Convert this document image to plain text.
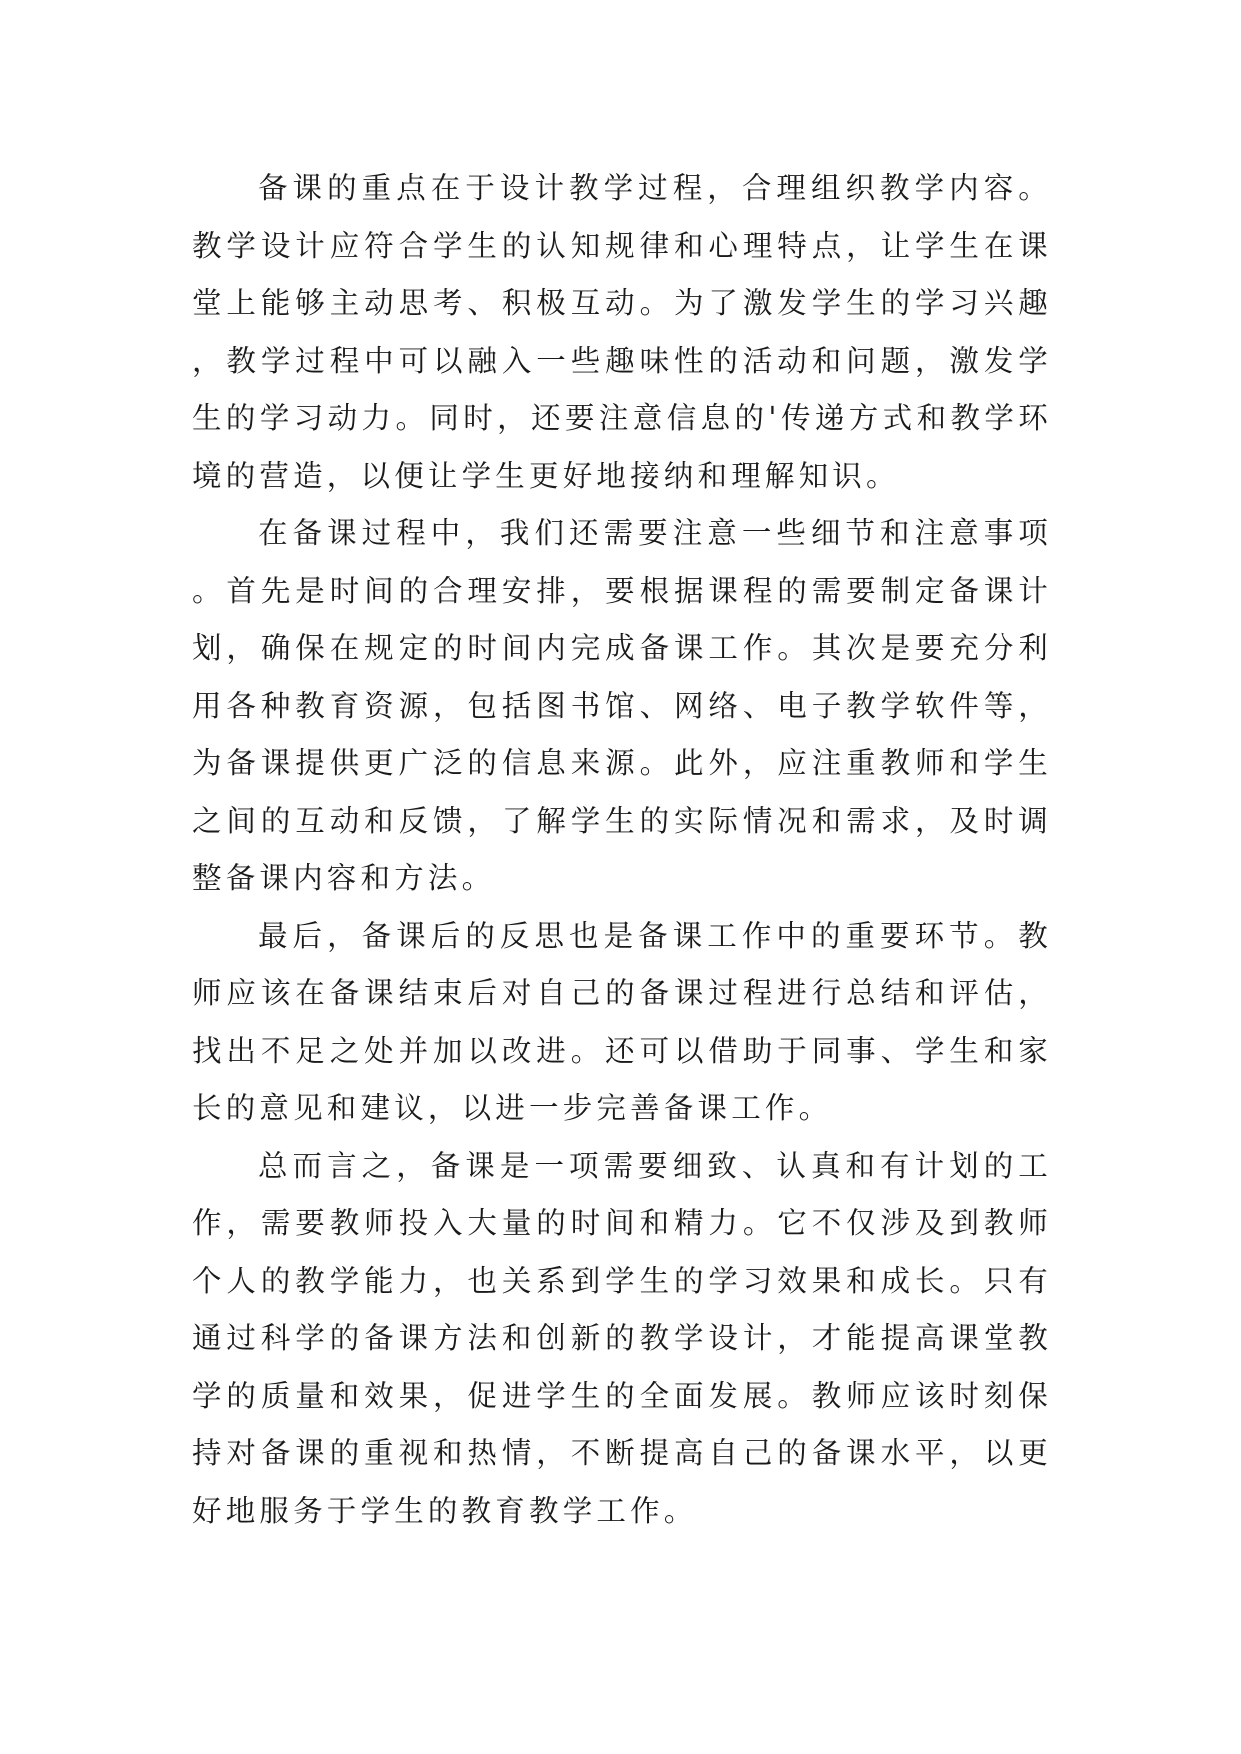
备课的重点在于设计教学过程，合理组织教学内容。教学设计应符合学生的认知规律和心理特点，让学生在课堂上能够主动思考、积极互动。为了激发学生的学习兴趣，教学过程中可以融入一些趣味性的活动和问题，激发学生的学习动力。同时，还要注意信息的'传递方式和教学环境的营造，以便让学生更好地接纳和理解知识。

在备课过程中，我们还需要注意一些细节和注意事项。首先是时间的合理安排，要根据课程的需要制定备课计划，确保在规定的时间内完成备课工作。其次是要充分利用各种教育资源，包括图书馆、网络、电子教学软件等，为备课提供更广泛的信息来源。此外，应注重教师和学生之间的互动和反馈，了解学生的实际情况和需求，及时调整备课内容和方法。

最后，备课后的反思也是备课工作中的重要环节。教师应该在备课结束后对自己的备课过程进行总结和评估，找出不足之处并加以改进。还可以借助于同事、学生和家长的意见和建议，以进一步完善备课工作。

总而言之，备课是一项需要细致、认真和有计划的工作，需要教师投入大量的时间和精力。它不仅涉及到教师个人的教学能力，也关系到学生的学习效果和成长。只有通过科学的备课方法和创新的教学设计，才能提高课堂教学的质量和效果，促进学生的全面发展。教师应该时刻保持对备课的重视和热情，不断提高自己的备课水平，以更好地服务于学生的教育教学工作。
